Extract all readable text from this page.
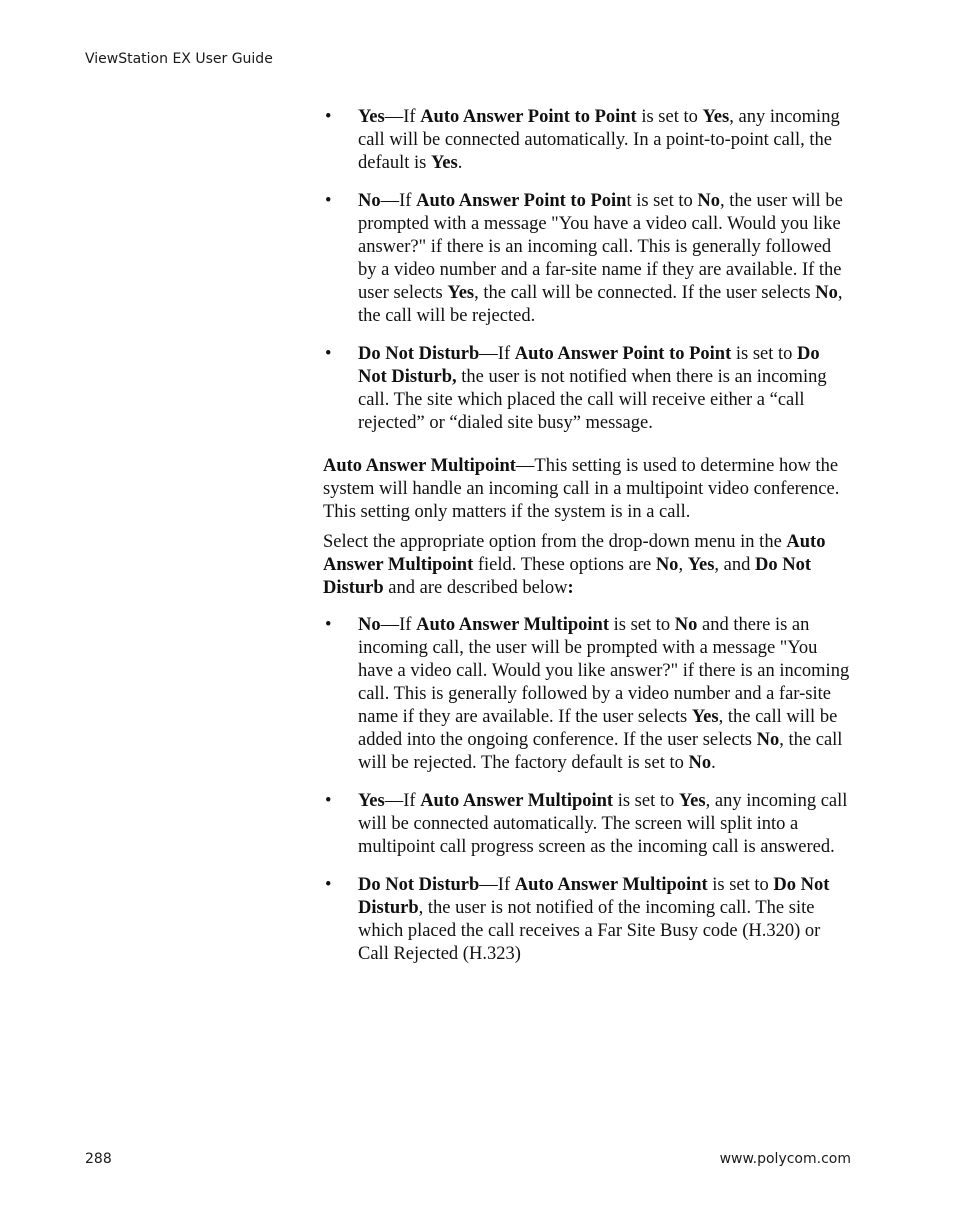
ViewStation EX User Guide
• Yes—If Auto Answer Point to Point is set to Yes, any incoming call will be connected automatically. In a point-to-point call, the default is Yes.
• No—If Auto Answer Point to Point is set to No, the user will be prompted with a message "You have a video call. Would you like answer?" if there is an incoming call. This is generally followed by a video number and a far-site name if they are available. If the user selects Yes, the call will be connected. If the user selects No, the call will be rejected.
• Do Not Disturb—If Auto Answer Point to Point is set to Do Not Disturb, the user is not notified when there is an incoming call. The site which placed the call will receive either a “call rejected” or “dialed site busy” message.

Auto Answer Multipoint—This setting is used to determine how the system will handle an incoming call in a multipoint video conference. This setting only matters if the system is in a call.

Select the appropriate option from the drop-down menu in the Auto Answer Multipoint field. These options are No, Yes, and Do Not Disturb and are described below:

• No—If Auto Answer Multipoint is set to No and there is an incoming call, the user will be prompted with a message "You have a video call. Would you like answer?" if there is an incoming call. This is generally followed by a video number and a far-site name if they are available. If the user selects Yes, the call will be added into the ongoing conference. If the user selects No, the call will be rejected. The factory default is set to No.
• Yes—If Auto Answer Multipoint is set to Yes, any incoming call will be connected automatically. The screen will split into a multipoint call progress screen as the incoming call is answered.
• Do Not Disturb—If Auto Answer Multipoint is set to Do Not Disturb, the user is not notified of the incoming call. The site which placed the call receives a Far Site Busy code (H.320) or Call Rejected (H.323)
288	www.polycom.com
